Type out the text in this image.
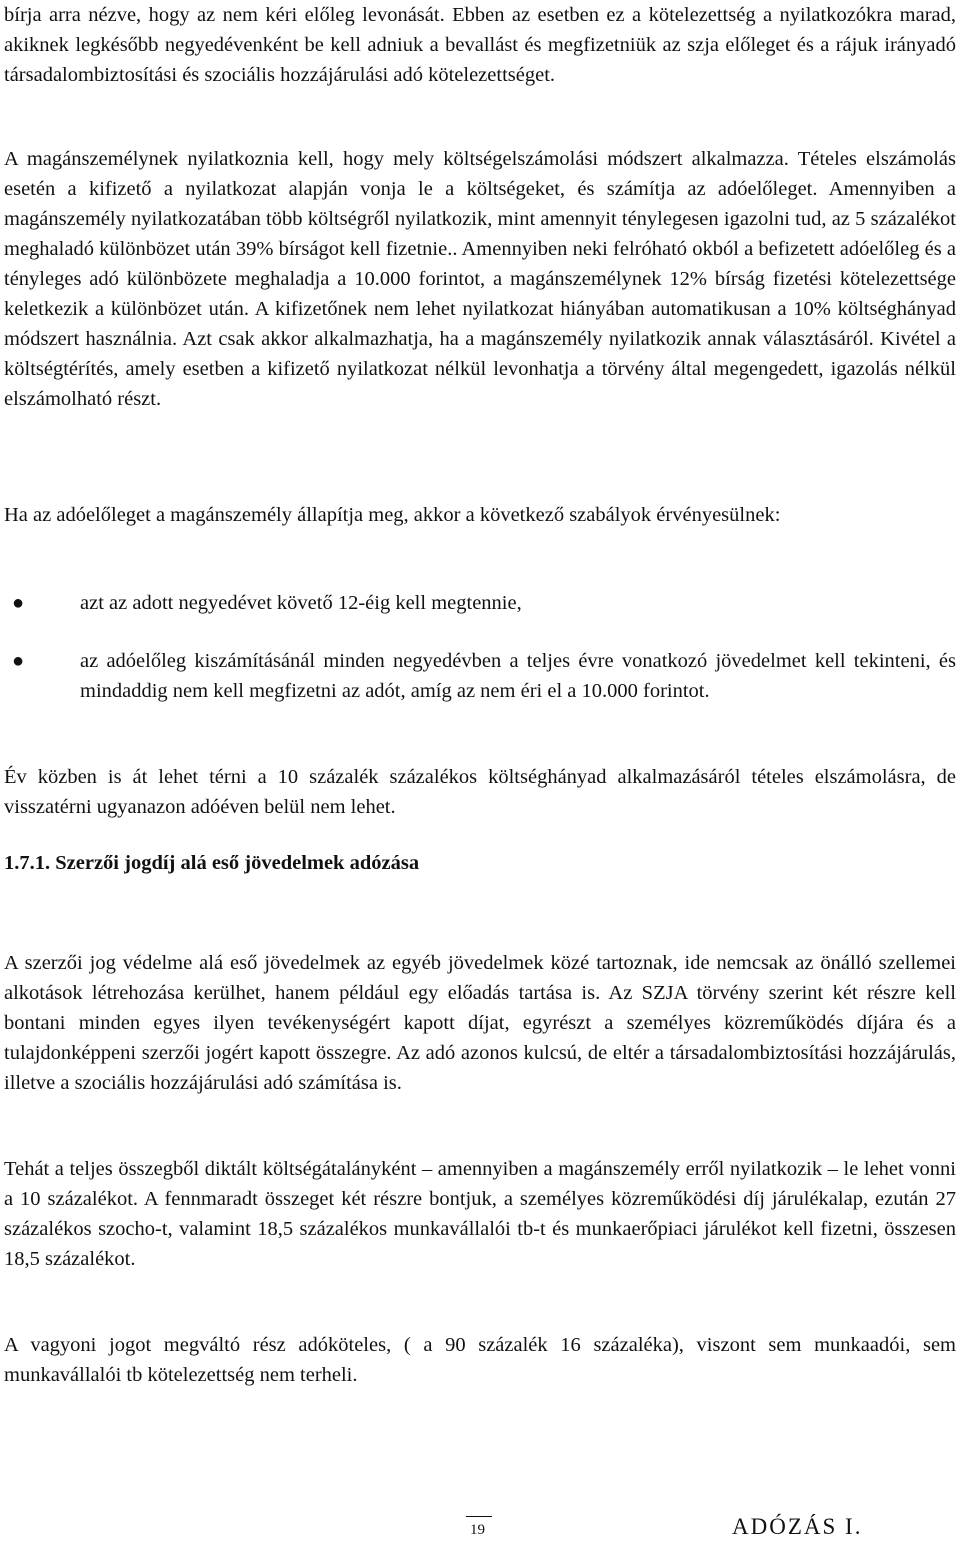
bírja arra nézve, hogy az nem kéri előleg levonását. Ebben az esetben ez a kötelezettség a nyilatkozókra marad, akiknek legkésőbb negyedévenként be kell adniuk a bevallást és megfizetniük az szja előleget és a rájuk irányadó társadalombiztosítási és szociális hozzájárulási adó kötelezettséget.

A magánszemélynek nyilatkoznia kell, hogy mely költségelszámolási módszert alkalmazza. Tételes elszámolás esetén a kifizető a nyilatkozat alapján vonja le a költségeket, és számítja az adóelőleget. Amennyiben a magánszemély nyilatkozatában több költségről nyilatkozik, mint amennyit ténylegesen igazolni tud, az 5 százalékot meghaladó különbözet után 39% bírságot kell fizetnie.. Amennyiben neki felróható okból a befizetett adóelőleg és a tényleges adó különbözete meghaladja a 10.000 forintot, a magánszemélynek 12% bírság fizetési kötelezettsége keletkezik a különbözet után. A kifizetőnek nem lehet nyilatkozat hiányában automatikusan a 10% költséghányad módszert használnia. Azt csak akkor alkalmazhatja, ha a magánszemély nyilatkozik annak választásáról. Kivétel a költségtérítés, amely esetben a kifizető nyilatkozat nélkül levonhatja a törvény által megengedett, igazolás nélkül elszámolható részt.

Ha az adóelőleget a magánszemély állapítja meg, akkor a következő szabályok érvényesülnek:

●	azt az adott negyedévet követő 12-éig kell megtennie,
●	az adóelőleg kiszámításánál minden negyedévben a teljes évre vonatkozó jövedelmet kell tekinteni, és mindaddig nem kell megfizetni az adót, amíg az nem éri el a 10.000 forintot.

Év közben is át lehet térni a 10 százalék százalékos költséghányad alkalmazásáról tételes elszámolásra, de visszatérni ugyanazon adóéven belül nem lehet.

1.7.1. Szerzői jogdíj alá eső jövedelmek adózása

A szerzői jog védelme alá eső jövedelmek az egyéb jövedelmek közé tartoznak, ide nemcsak az önálló szellemei alkotások létrehozása kerülhet, hanem például egy előadás tartása is. Az SZJA törvény szerint két részre kell bontani minden egyes ilyen tevékenységért kapott díjat, egyrészt a személyes közreműködés díjára és a tulajdonképpeni szerzői jogért kapott összegre. Az adó azonos kulcsú, de eltér a társadalombiztosítási hozzájárulás, illetve a szociális hozzájárulási adó számítása is.

Tehát a teljes összegből diktált költségátalányként – amennyiben a magánszemély erről nyilatkozik – le lehet vonni a 10 százalékot. A fennmaradt összeget két részre bontjuk, a személyes közreműködési díj járulékalap, ezután 27 százalékos szocho-t, valamint 18,5 százalékos munkavállalói tb-t és munkaerőpiaci járulékot kell fizetni, összesen 18,5 százalékot.

A vagyoni jogot megváltó rész adóköteles, ( a 90 százalék 16 százaléka), viszont sem munkaadói, sem munkavállalói tb kötelezettség nem terheli.

19	ADÓZÁS I.
